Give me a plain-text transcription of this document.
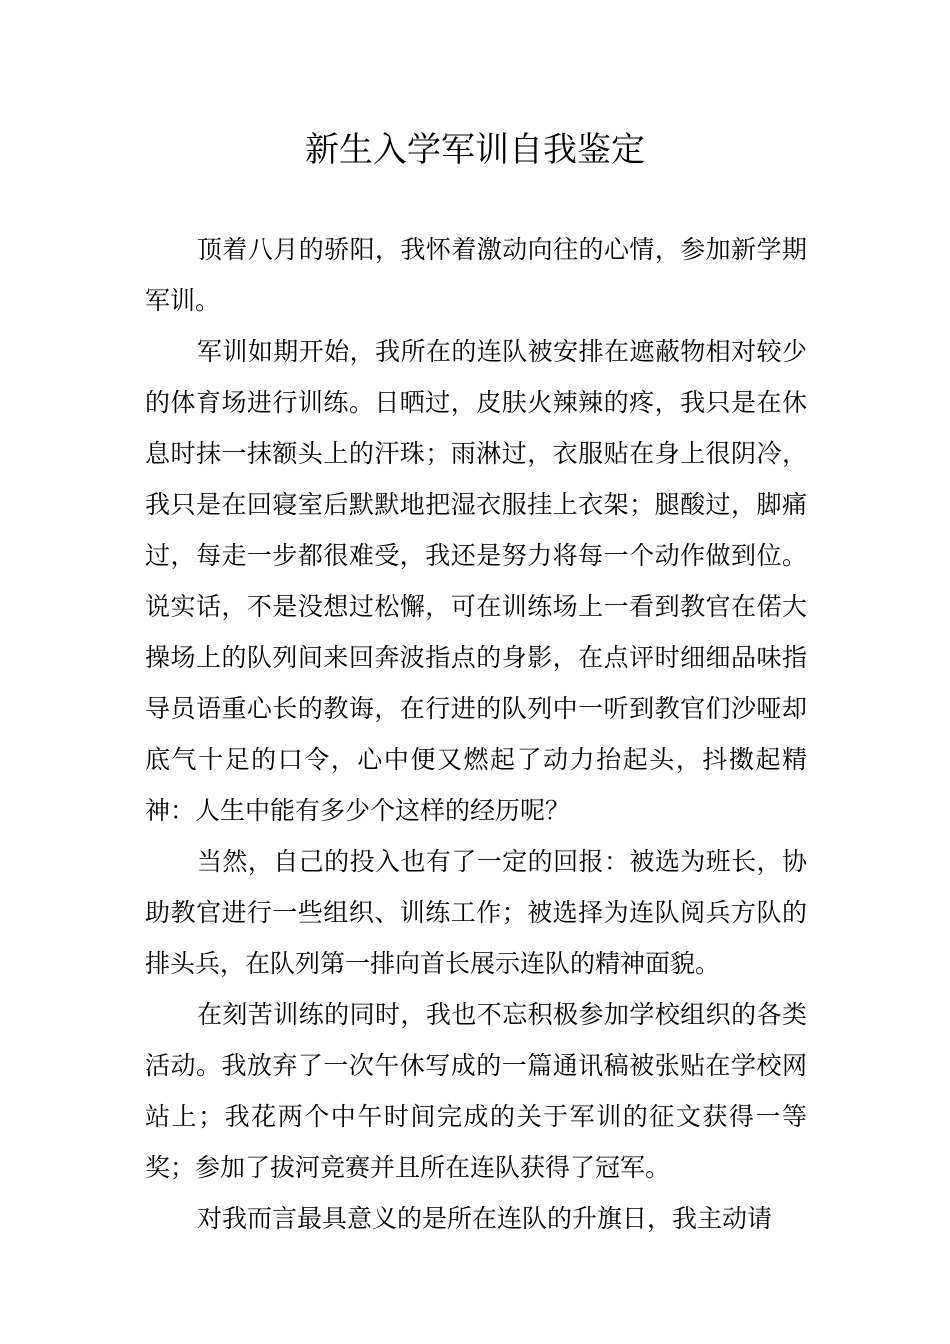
新生入学军训自我鉴定

顶着八月的骄阳，我怀着激动向往的心情，参加新学期军训。

军训如期开始，我所在的连队被安排在遮蔽物相对较少的体育场进行训练。日晒过，皮肤火辣辣的疼，我只是在休息时抹一抹额头上的汗珠；雨淋过，衣服贴在身上很阴冷，我只是在回寝室后默默地把湿衣服挂上衣架；腿酸过，脚痛过，每走一步都很难受，我还是努力将每一个动作做到位。说实话，不是没想过松懈，可在训练场上一看到教官在偌大操场上的队列间来回奔波指点的身影，在点评时细细品味指导员语重心长的教诲，在行进的队列中一听到教官们沙哑却底气十足的口令，心中便又燃起了动力抬起头，抖擞起精神：人生中能有多少个这样的经历呢？

当然，自己的投入也有了一定的回报：被选为班长，协助教官进行一些组织、训练工作；被选择为连队阅兵方队的排头兵，在队列第一排向首长展示连队的精神面貌。

在刻苦训练的同时，我也不忘积极参加学校组织的各类活动。我放弃了一次午休写成的一篇通讯稿被张贴在学校网站上；我花两个中午时间完成的关于军训的征文获得一等奖；参加了拔河竞赛并且所在连队获得了冠军。

对我而言最具意义的是所在连队的升旗日，我主动请
